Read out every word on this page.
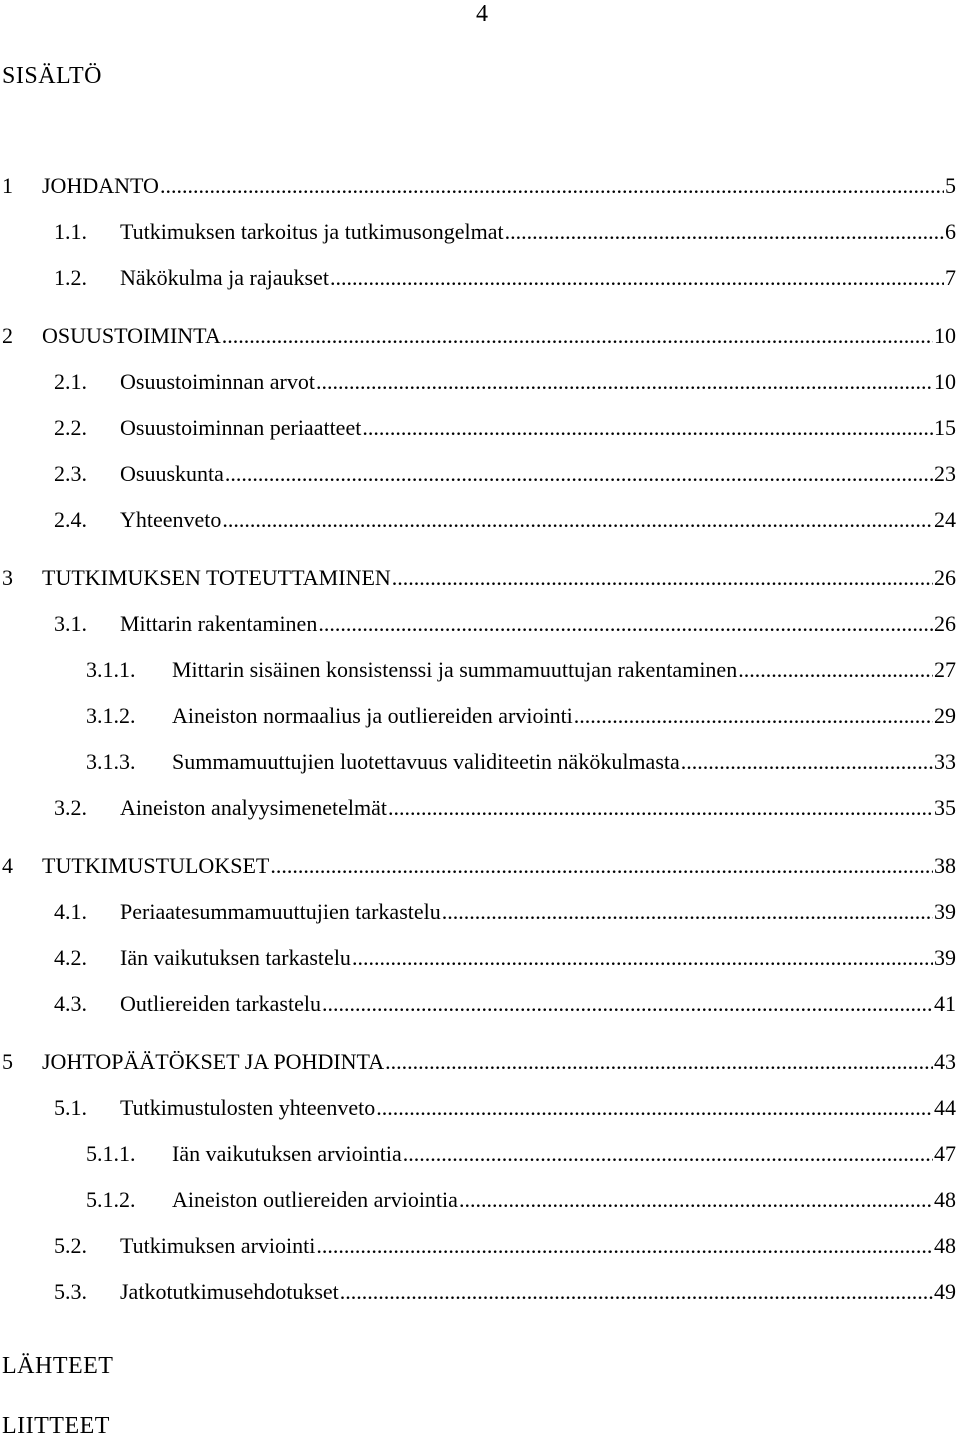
4
SISÄLTÖ
1 JOHDANTO .....	5
1.1. Tutkimuksen tarkoitus ja tutkimusongelmat .....	6
1.2. Näkökulma ja rajaukset .....	7
2 OSUUSTOIMINTA .....	10
2.1. Osuustoiminnan arvot .....	10
2.2. Osuustoiminnan periaatteet .....	15
2.3. Osuuskunta .....	23
2.4. Yhteenveto .....	24
3 TUTKIMUKSEN TOTEUTTAMINEN .....	26
3.1. Mittarin rakentaminen .....	26
3.1.1. Mittarin sisäinen konsistenssi ja summamuuttujan rakentaminen .....	27
3.1.2. Aineiston normaalius ja outliereiden arviointi .....	29
3.1.3. Summamuuttujien luotettavuus validiteetin näkökulmasta .....	33
3.2. Aineiston analyysimenetelmät .....	35
4 TUTKIMUSTULOKSET .....	38
4.1. Periaatesummamuuttujien tarkastelu .....	39
4.2. Iän vaikutuksen tarkastelu .....	39
4.3. Outliereiden tarkastelu .....	41
5 JOHTOPÄÄTÖKSET JA POHDINTA .....	43
5.1. Tutkimustulosten yhteenveto .....	44
5.1.1. Iän vaikutuksen arviointia .....	47
5.1.2. Aineiston outliereiden arviointia .....	48
5.2. Tutkimuksen arviointi .....	48
5.3. Jatkotutkimusehdotukset .....	49
LÄHTEET
LIITTEET
